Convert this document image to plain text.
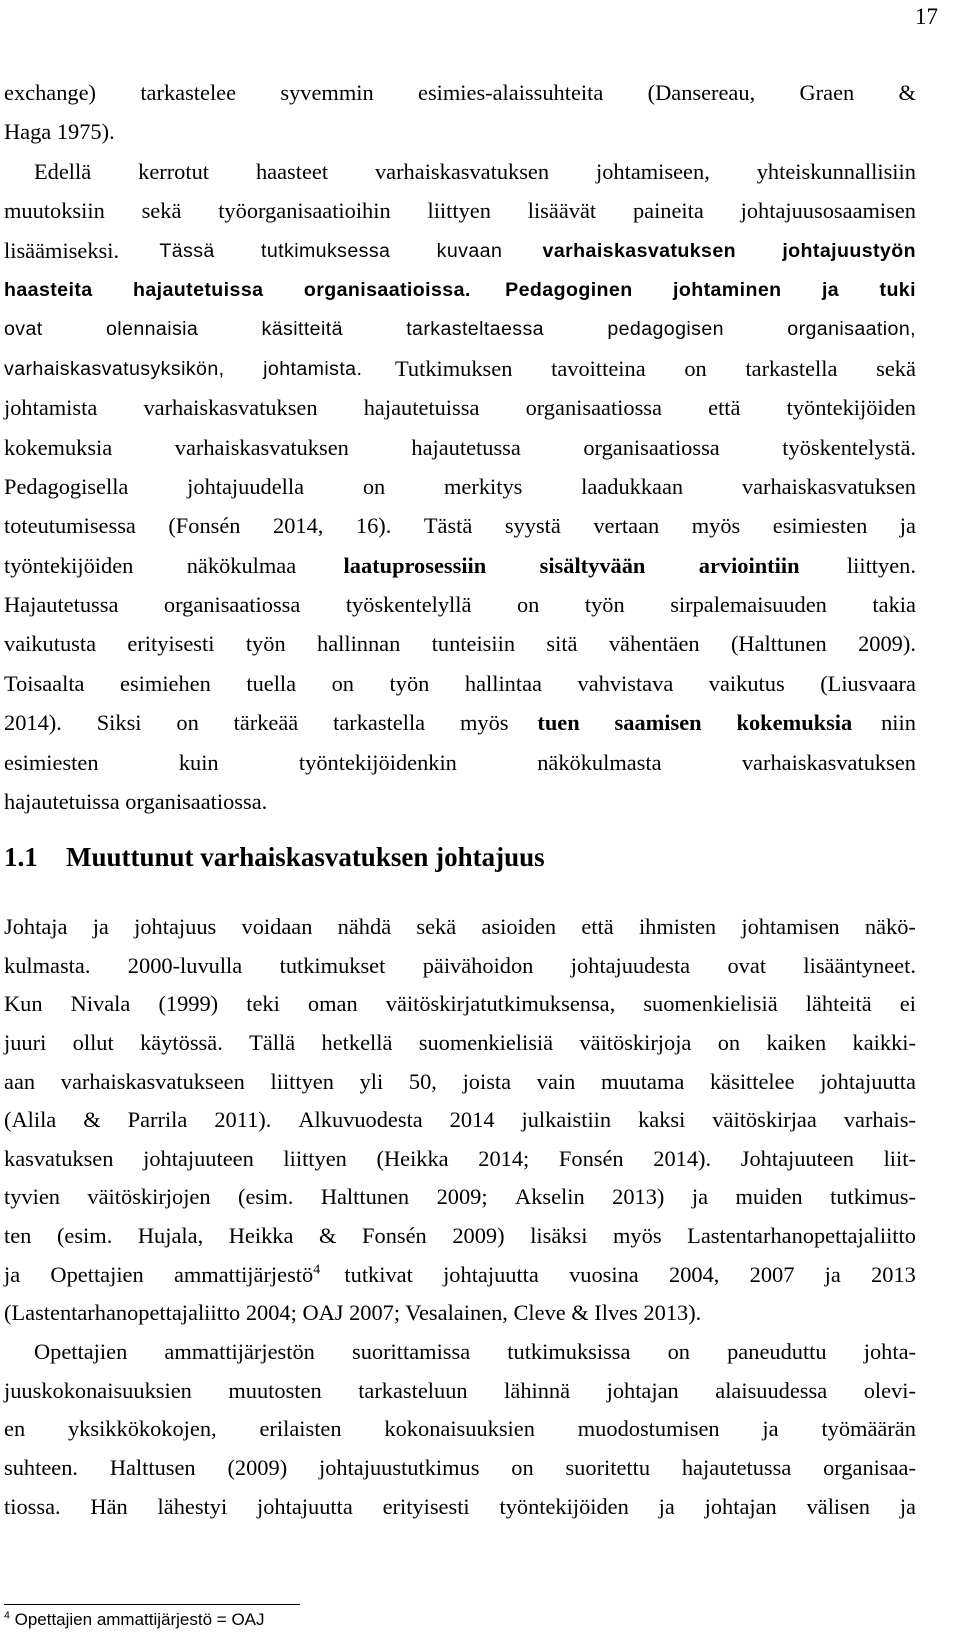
17
exchange) tarkastelee syvemmin esimies-alaissuhteita (Dansereau, Graen &
Haga 1975).
Edellä kerrotut haasteet varhaiskasvatuksen johtamiseen, yhteiskunnallisiin
muutoksiin sekä työorganisaatioihin liittyen lisäävät paineita johtajuusosaamisen
lisäämiseksi. Tässä tutkimuksessa kuvaan varhaiskasvatuksen johtajuustyön
haasteita hajautetuissa organisaatioissa. Pedagoginen johtaminen ja tuki
ovat	olennaisia	käsitteitä	tarkasteltaessa	pedagogisen	organisaation,
varhaiskasvatusyksikön, johtamista. Tutkimuksen tavoitteina on tarkastella sekä
johtamista varhaiskasvatuksen hajautetuissa organisaatiossa että työntekijöiden
kokemuksia	varhaiskasvatuksen	hajautetussa	organisaatiossa	työskentelystä.
Pedagogisella	johtajuudella	on	merkitys	laadukkaan	varhaiskasvatuksen
toteutumisessa (Fonsén 2014, 16). Tästä syystä vertaan myös esimiesten ja
työntekijöiden näkökulmaa laatuprosessiin sisältyvään arviointiin liittyen.
Hajautetussa organisaatiossa työskentelyllä on työn sirpalemaisuuden takia
vaikutusta erityisesti työn hallinnan tunteisiin sitä vähentäen (Halttunen 2009).
Toisaalta esimiehen tuella on työn hallintaa vahvistava vaikutus (Liusvaara
2014). Siksi on tärkeää tarkastella myös tuen saamisen kokemuksia niin
esimiesten	kuin	työntekijöidenkin	näkökulmasta	varhaiskasvatuksen
hajautetuissa organisaatiossa.
1.1 Muuttunut varhaiskasvatuksen johtajuus
Johtaja ja johtajuus voidaan nähdä sekä asioiden että ihmisten johtamisen näkö-
kulmasta. 2000-luvulla tutkimukset päivähoidon johtajuudesta ovat lisääntyneet.
Kun Nivala (1999) teki oman väitöskirjatutkimuksensa, suomenkielisiä lähteitä ei
juuri ollut käytössä. Tällä hetkellä suomenkielisiä väitöskirjoja on kaiken kaikki-
aan varhaiskasvatukseen liittyen yli 50, joista vain muutama käsittelee johtajuutta
(Alila & Parrila 2011). Alkuvuodesta 2014 julkaistiin kaksi väitöskirjaa varhais-
kasvatuksen johtajuuteen liittyen (Heikka 2014; Fonsén 2014). Johtajuuteen liit-
tyvien väitöskirjojen (esim. Halttunen 2009; Akselin 2013) ja muiden tutkimus-
ten (esim. Hujala, Heikka & Fonsén 2009) lisäksi myös Lastentarhanopettajaliitto
ja Opettajien ammattijärjestö$^4$ tutkivat johtajuutta vuosina 2004, 2007 ja 2013
(Lastentarhanopettajaliitto 2004; OAJ 2007; Vesalainen, Cleve & Ilves 2013).
Opettajien ammattijärjestön suorittamissa tutkimuksissa on paneuduttu johta-
juuskokonaisuuksien muutosten tarkasteluun lähinnä johtajan alaisuudessa olevi-
en yksikkökokojen, erilaisten kokonaisuuksien muodostumisen ja työmäärän
suhteen. Halttusen (2009) johtajuustutkimus on suoritettu hajautetussa organisaa-
tiossa. Hän lähestyi johtajuutta erityisesti työntekijöiden ja johtajan välisen ja
$^4$ Opettajien ammattijärjestö = OAJ
